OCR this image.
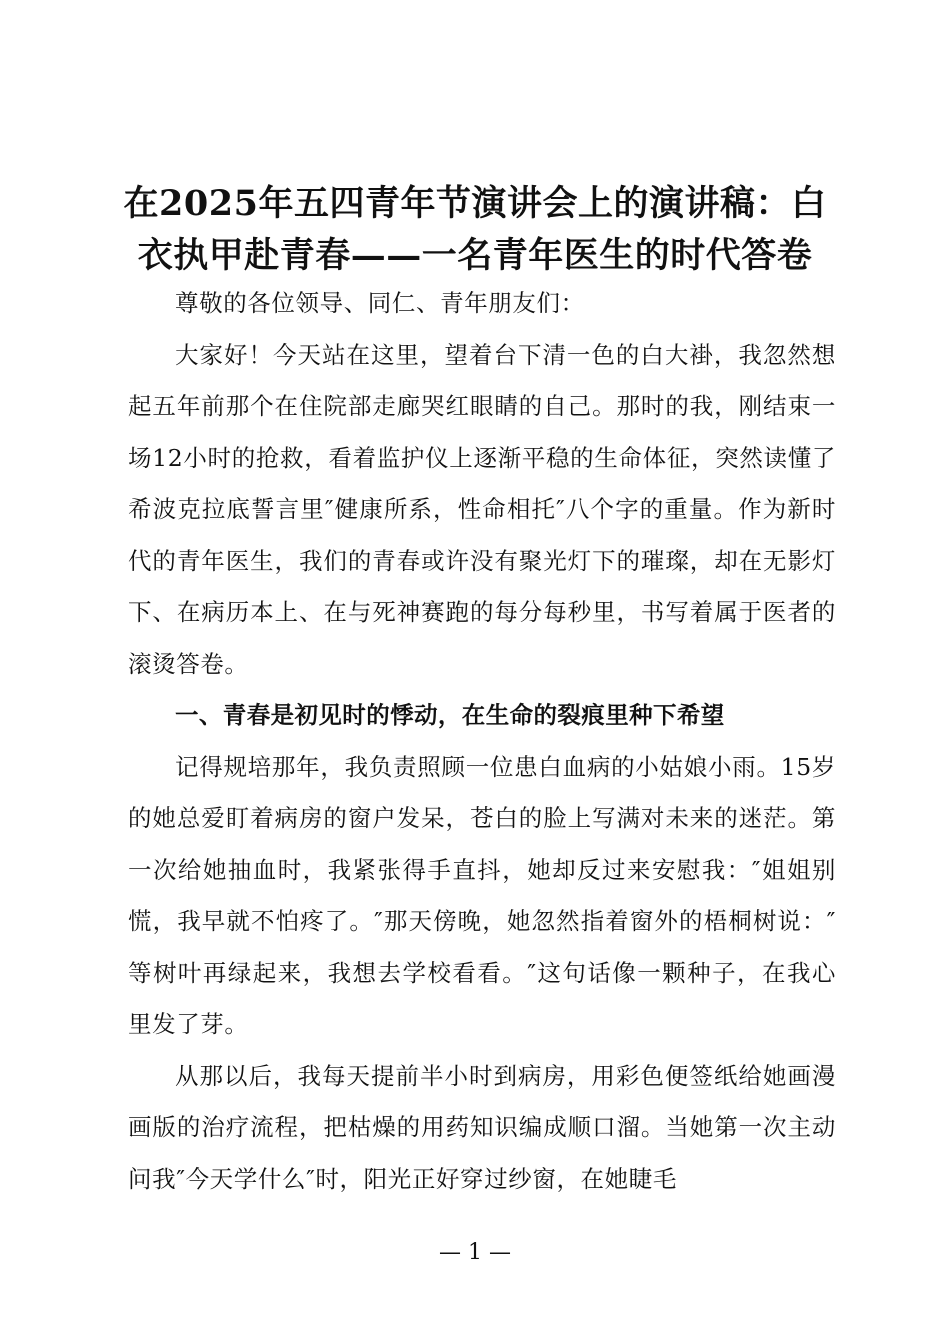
在2025年五四青年节演讲会上的演讲稿：白衣执甲赴青春——一名青年医生的时代答卷

尊敬的各位领导、同仁、青年朋友们：

大家好！今天站在这里，望着台下清一色的白大褂，我忽然想起五年前那个在住院部走廊哭红眼睛的自己。那时的我，刚结束一场12小时的抢救，看着监护仪上逐渐平稳的生命体征，突然读懂了希波克拉底誓言里″健康所系，性命相托″八个字的重量。作为新时代的青年医生，我们的青春或许没有聚光灯下的璀璨，却在无影灯下、在病历本上、在与死神赛跑的每分每秒里，书写着属于医者的滚烫答卷。

一、青春是初见时的悸动，在生命的裂痕里种下希望

记得规培那年，我负责照顾一位患白血病的小姑娘小雨。15岁的她总爱盯着病房的窗户发呆，苍白的脸上写满对未来的迷茫。第一次给她抽血时，我紧张得手直抖，她却反过来安慰我：″姐姐别慌，我早就不怕疼了。″那天傍晚，她忽然指着窗外的梧桐树说：″等树叶再绿起来，我想去学校看看。″这句话像一颗种子，在我心里发了芽。

从那以后，我每天提前半小时到病房，用彩色便签纸给她画漫画版的治疗流程，把枯燥的用药知识编成顺口溜。当她第一次主动问我″今天学什么″时，阳光正好穿过纱窗，在她睫毛

— 1 —
